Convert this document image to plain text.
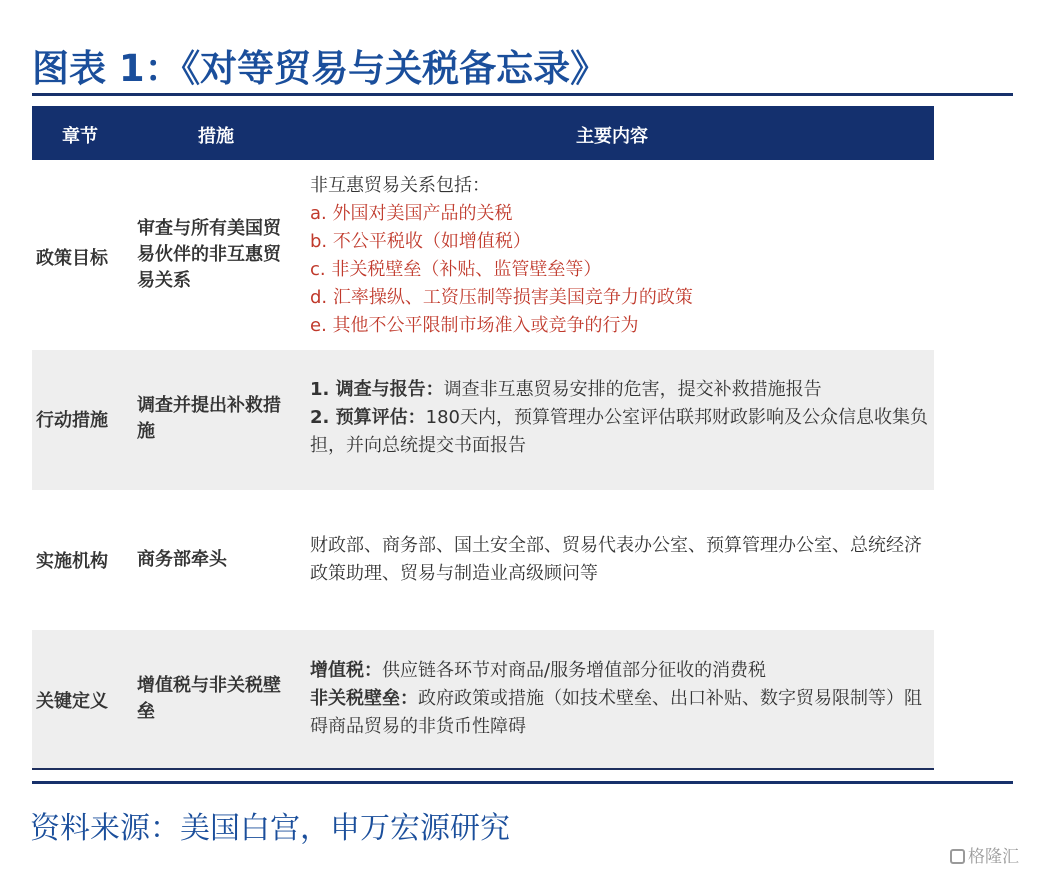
图表 1：《对等贸易与关税备忘录》
章节	措施	主要内容
政策目标
审查与所有美国贸易伙伴的非互惠贸易关系
非互惠贸易关系包括：
a. 外国对美国产品的关税
b. 不公平税收（如增值税）
c. 非关税壁垒（补贴、监管壁垒等）
d. 汇率操纵、工资压制等损害美国竞争力的政策
e. 其他不公平限制市场准入或竞争的行为
行动措施
调查并提出补救措施
1. 调查与报告：调查非互惠贸易安排的危害，提交补救措施报告
2. 预算评估：180天内，预算管理办公室评估联邦财政影响及公众信息收集负担，并向总统提交书面报告
实施机构 商务部牵头
财政部、商务部、国土安全部、贸易代表办公室、预算管理办公室、总统经济政策助理、贸易与制造业高级顾问等
关键定义
增值税与非关税壁垒
增值税：供应链各环节对商品/服务增值部分征收的消费税
非关税壁垒：政府政策或措施（如技术壁垒、出口补贴、数字贸易限制等）阻碍商品贸易的非货币性障碍
资料来源：美国白宫，申万宏源研究
格隆汇
